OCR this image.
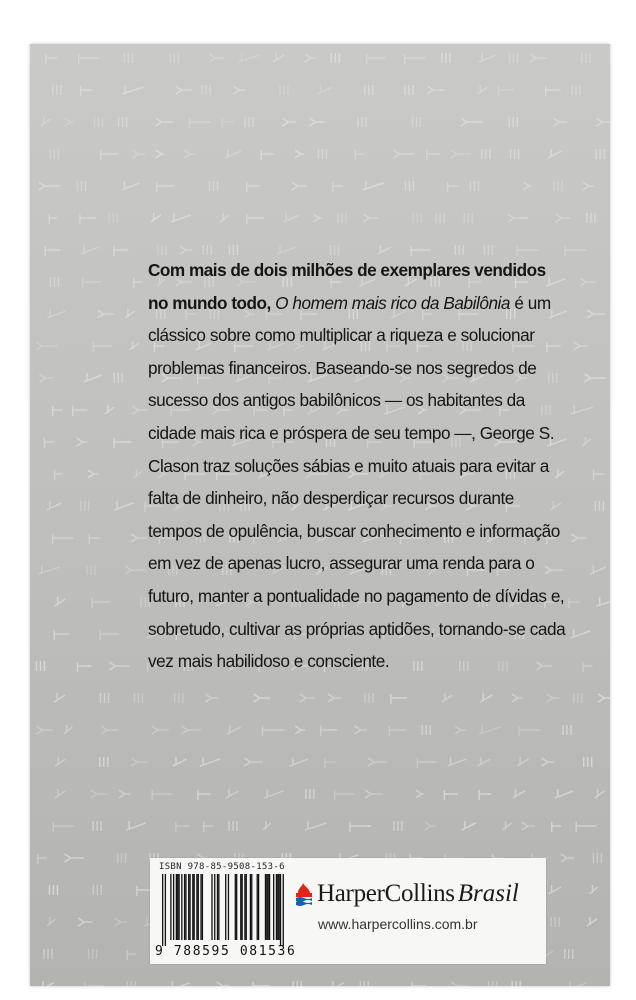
Com mais de dois milhões de exemplares vendidos no mundo todo, O homem mais rico da Babilônia é um clássico sobre como multiplicar a riqueza e solucionar problemas financeiros. Baseando-se nos segredos de sucesso dos antigos babilônicos — os habitantes da cidade mais rica e próspera de seu tempo —, George S. Clason traz soluções sábias e muito atuais para evitar a falta de dinheiro, não desperdiçar recursos durante tempos de opulência, buscar conhecimento e informação em vez de apenas lucro, assegurar uma renda para o futuro, manter a pontualidade no pagamento de dívidas e, sobretudo, cultivar as próprias aptidões, tornando-se cada vez mais habilidoso e consciente.

ISBN 978-85-9508-153-6
9 788595 081536
HarperCollins Brasil
www.harpercollins.com.br
